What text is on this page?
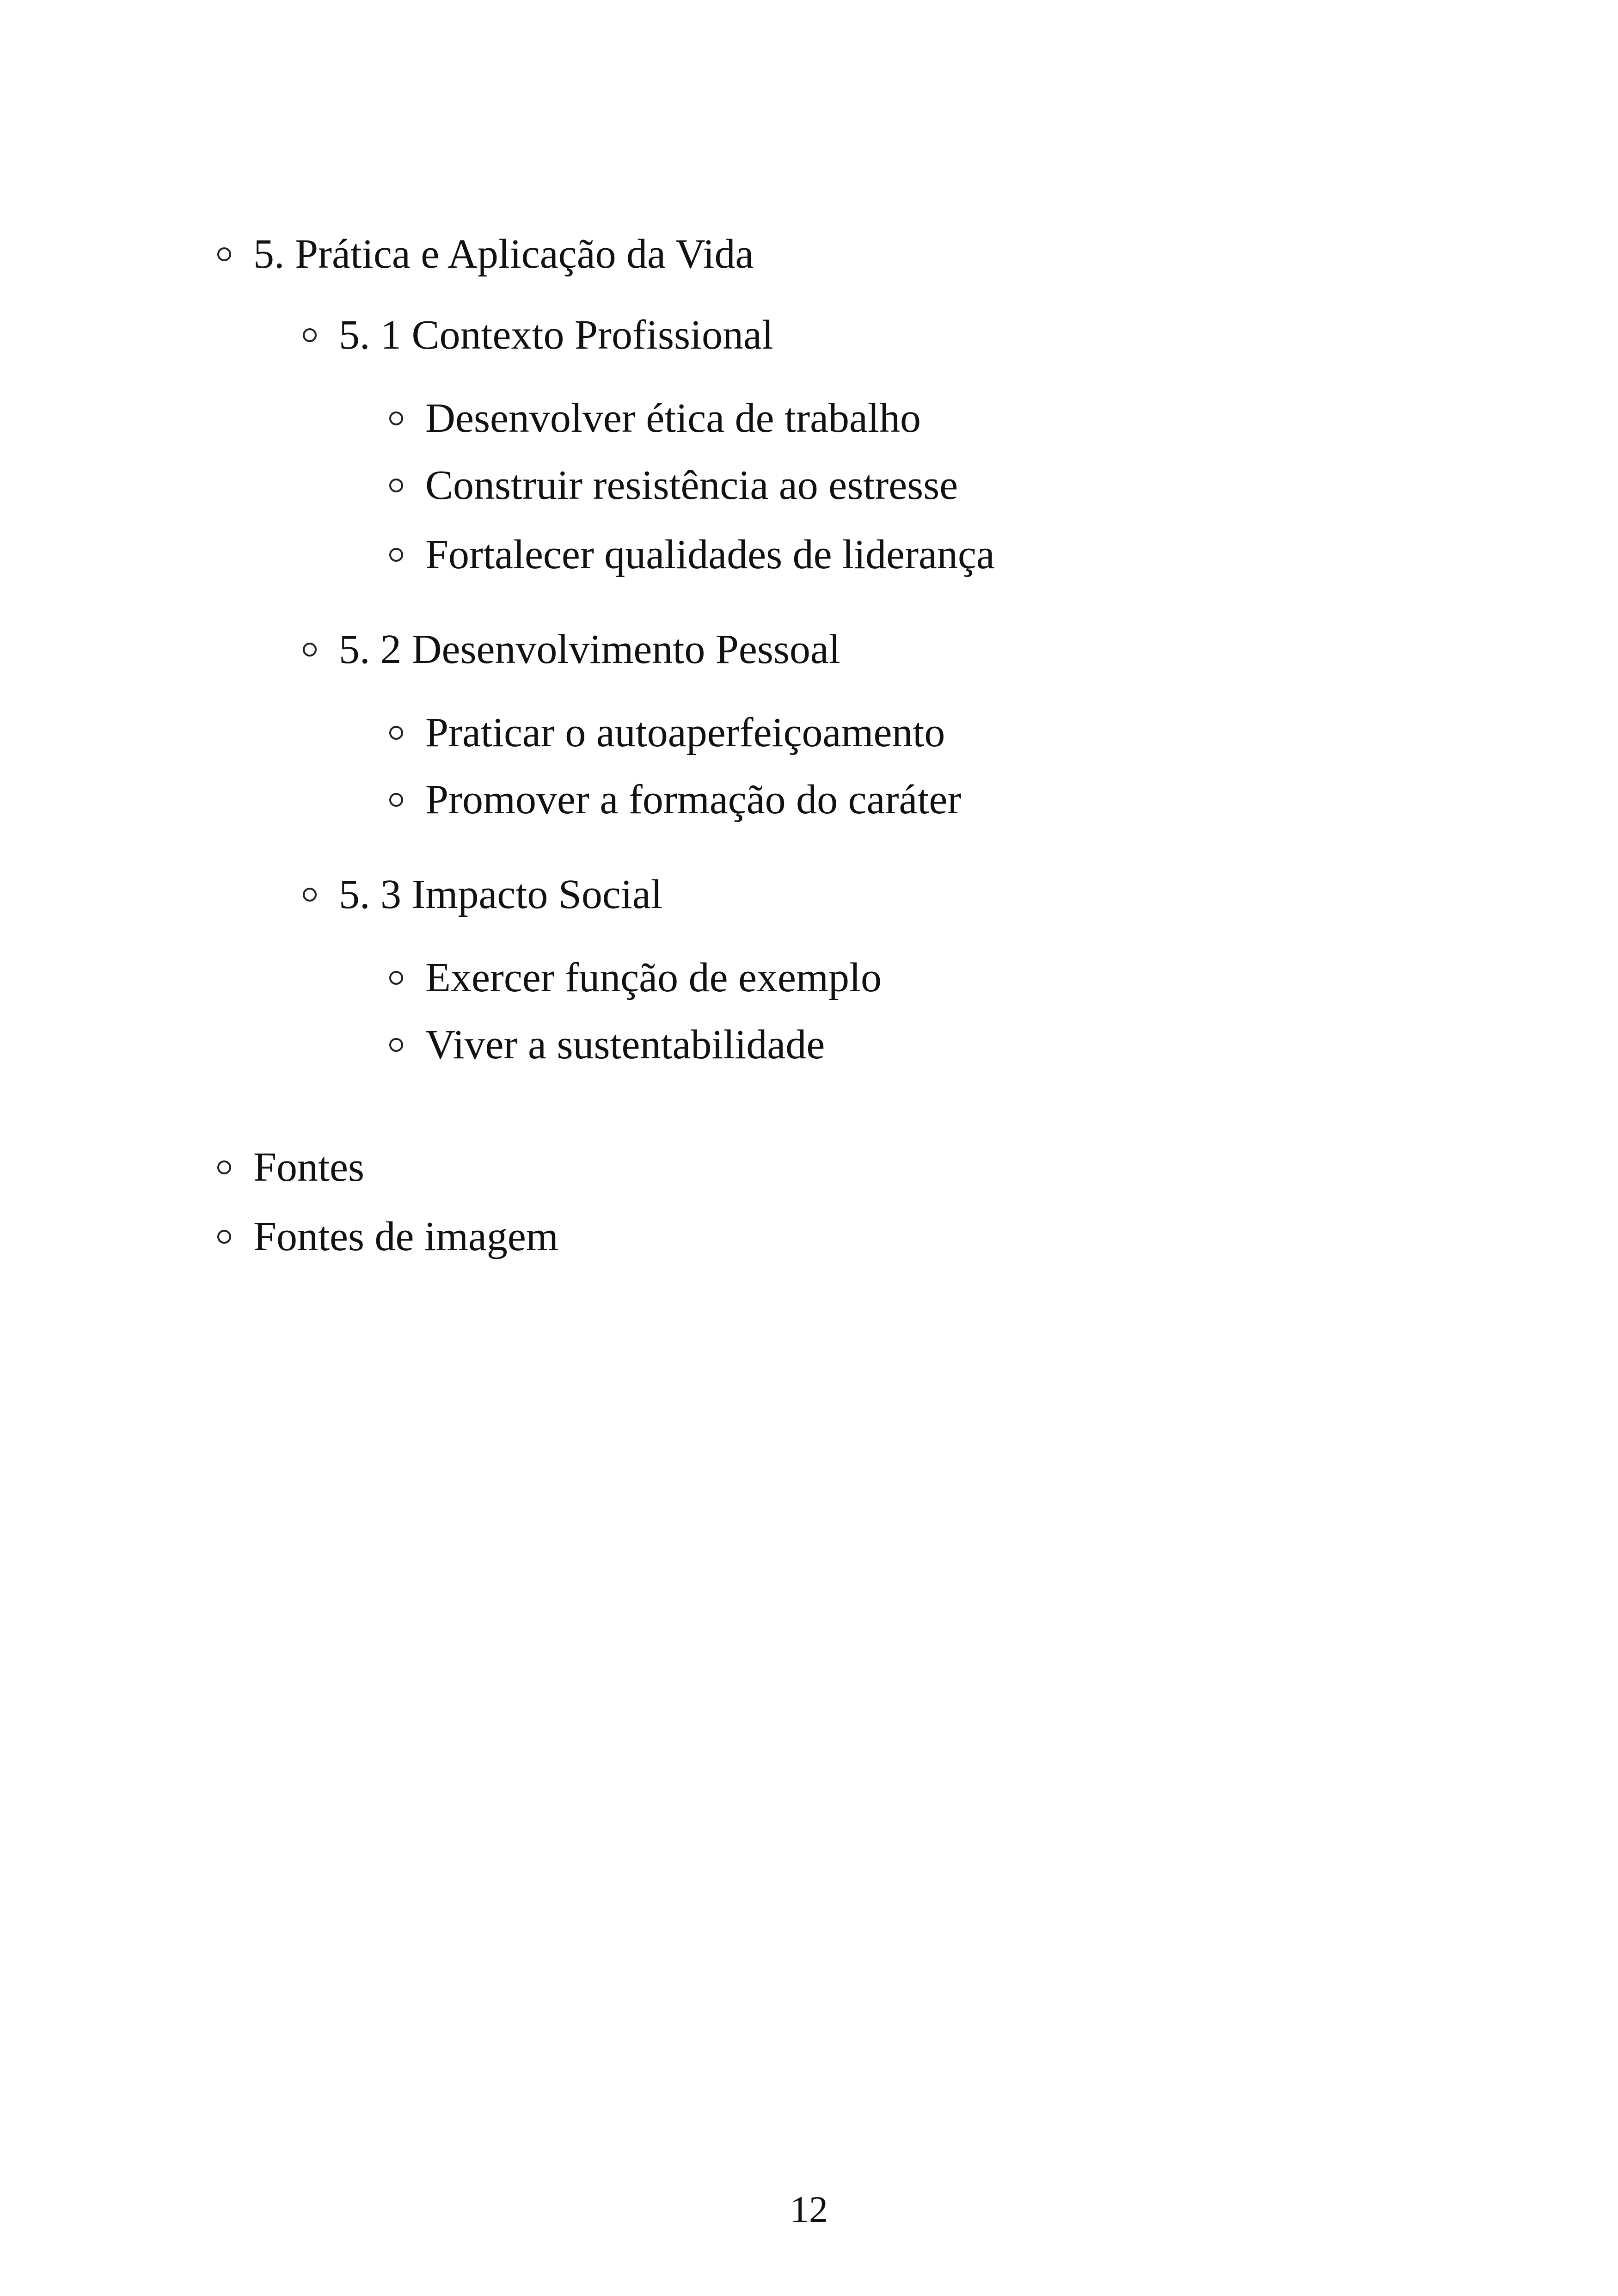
5. Prática e Aplicação da Vida
5. 1 Contexto Profissional
Desenvolver ética de trabalho
Construir resistência ao estresse
Fortalecer qualidades de liderança
5. 2 Desenvolvimento Pessoal
Praticar o autoaperfeiçoamento
Promover a formação do caráter
5. 3 Impacto Social
Exercer função de exemplo
Viver a sustentabilidade
Fontes
Fontes de imagem
12
